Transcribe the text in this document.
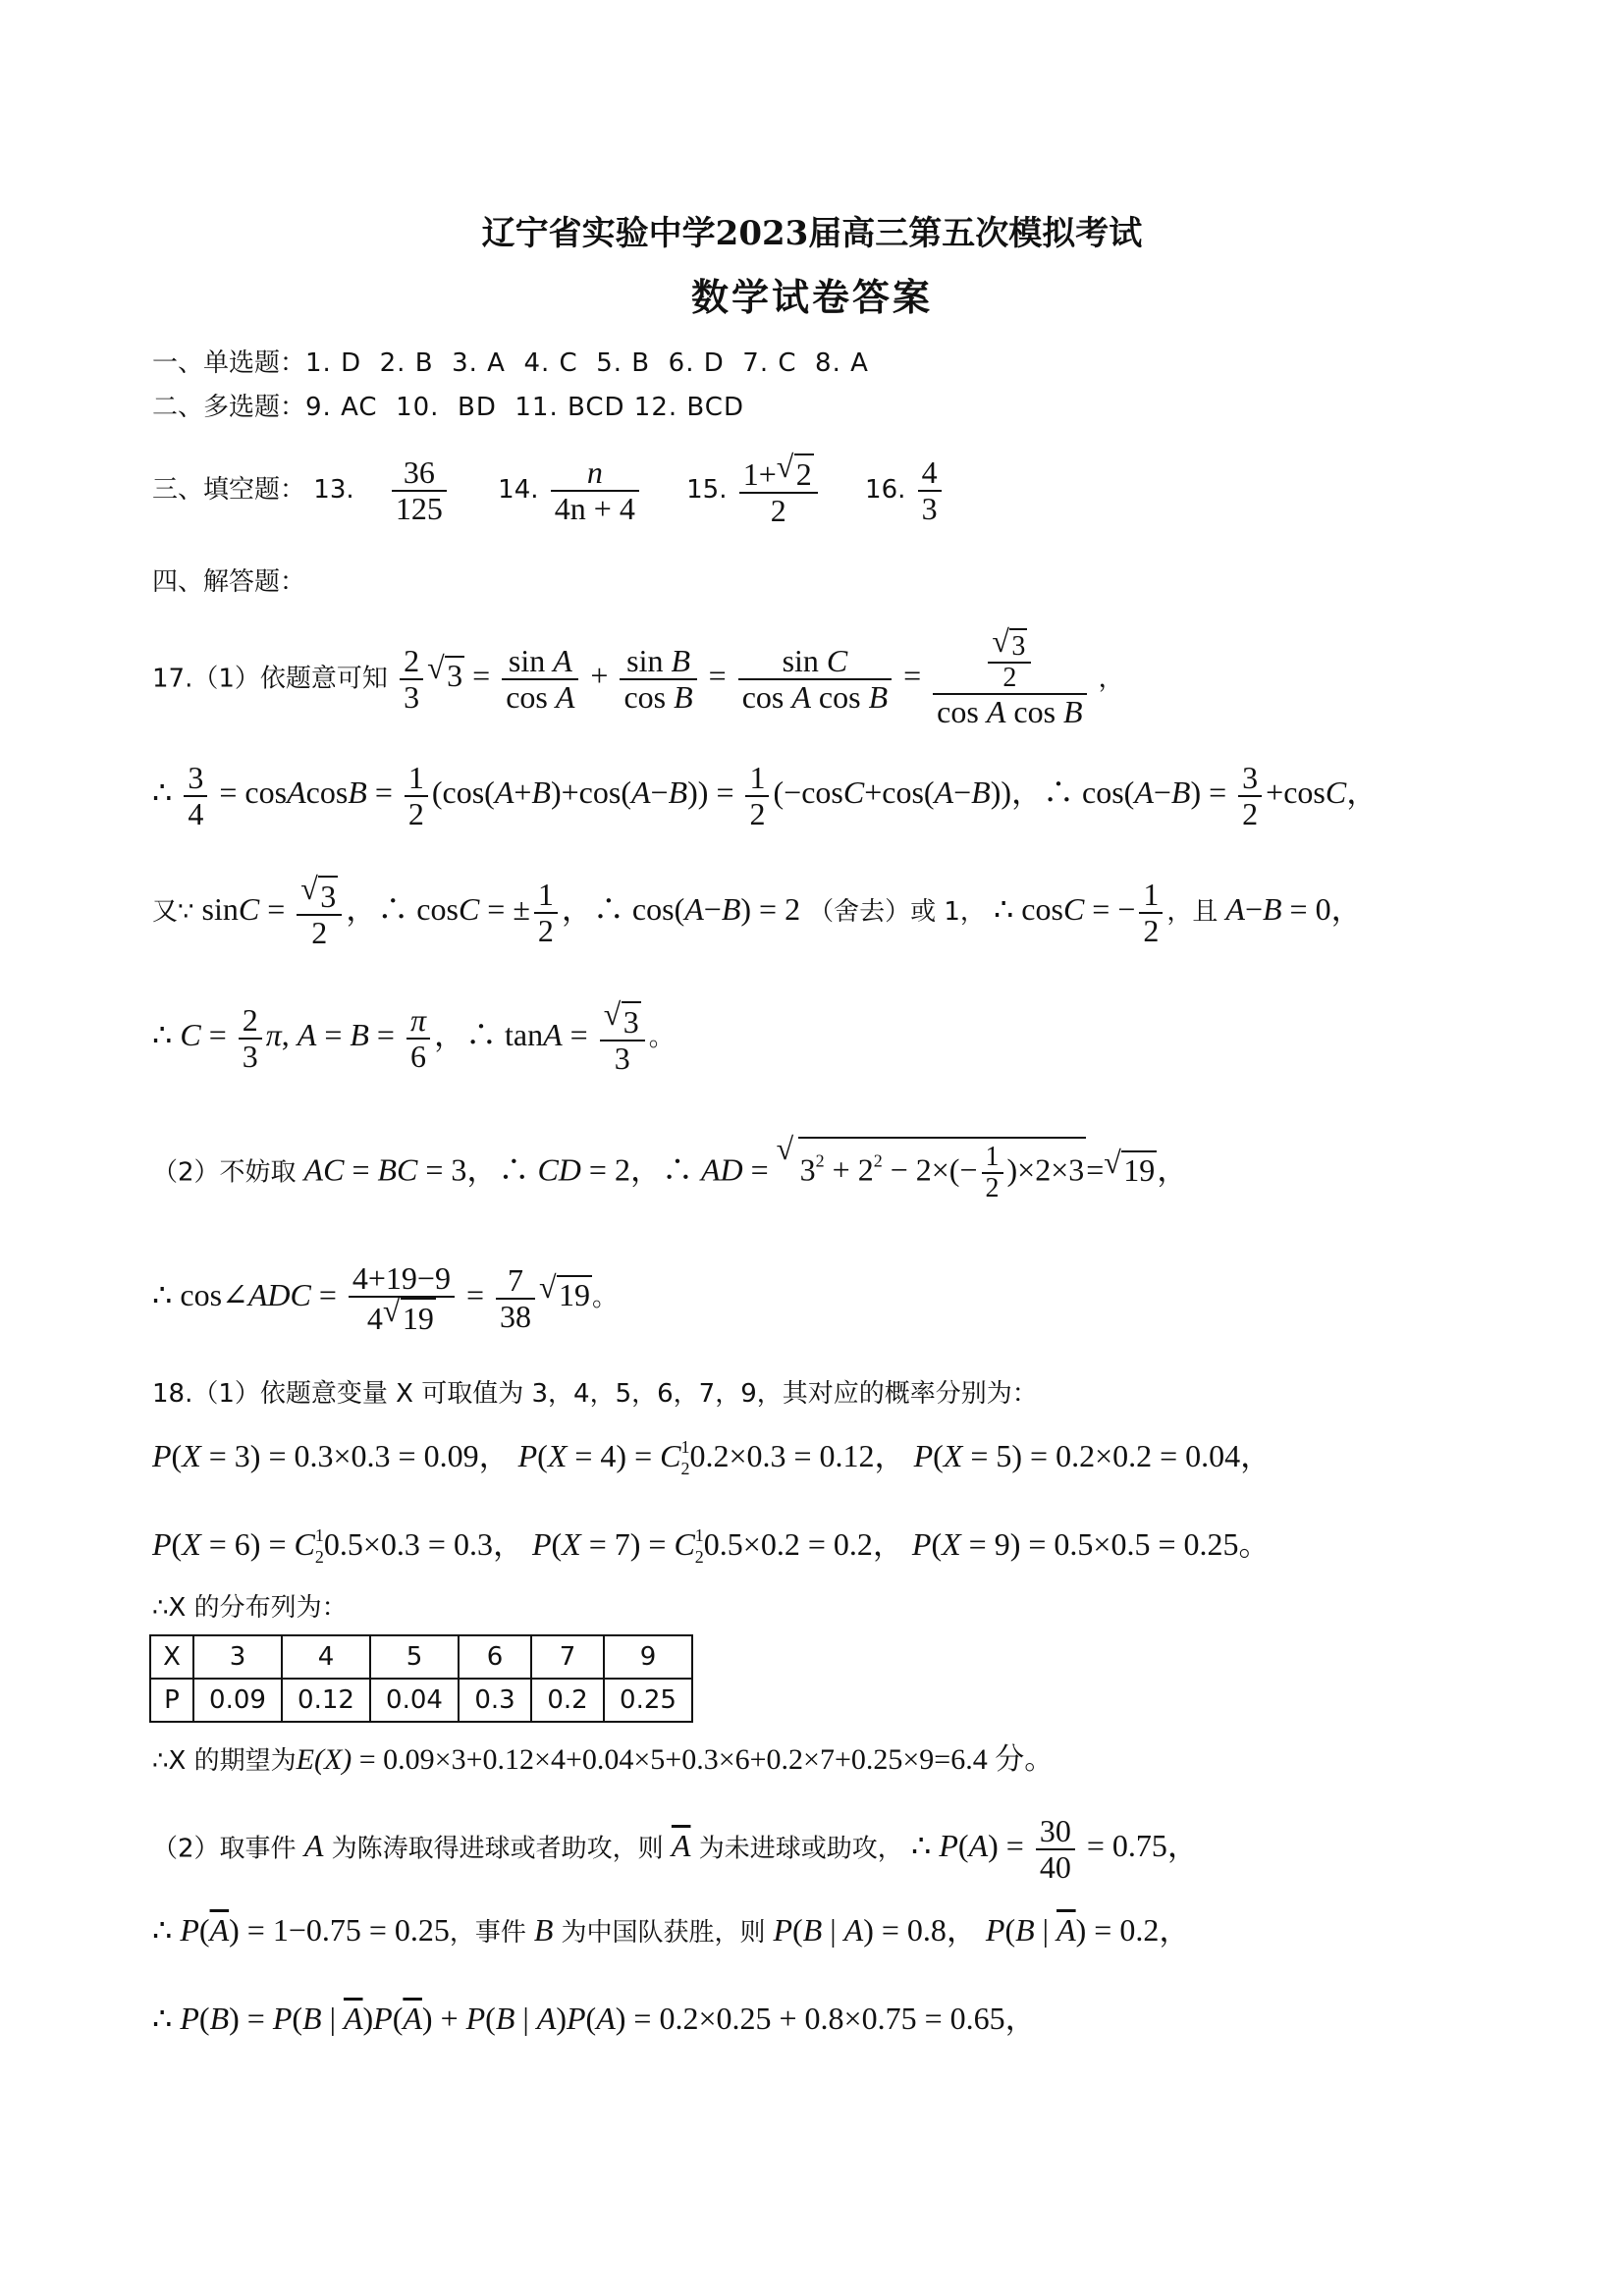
辽宁省实验中学2023届高三第五次模拟考试
数学试卷答案
一、单选题：1. D  2. B  3. A  4. C  5. B  6. D  7. C  8. A
二、多选题：9. AC  10.  BD  11. BCD 12. BCD
三、填空题： 13. $\frac{36}{125} 14$. $\frac{n}{4n + 4} 15$. $\frac{1+ √ 2}{2} 16$. $\frac{4}{3}$
四、解答题：
17.（1）依题意可知 $\frac{2}{3}$ √ $3 = \frac{\text{sin A}}{\text{cos A}} + \frac{\text{sin B}}{\text{cos B}} = \frac{\text{sin C}}{\text{cos A cos B}}$ = √ $\frac{\frac{3}{2}}{\text{cos A cos B}}$ ，
∴ $\frac{3}{4}$ = cosAcosB = $\frac{1}{2} (\cos(A+B)+\cos(A-B)) = \frac{1}{2} (-\cos C+\cos(A-B))$，∴ $\cos(A-B) = \frac{3}{2} +\cos C$，
又∵ sinC = √ $\frac{3}{2}$ ，∴ cosC = ± $\frac{1}{2}$ ，∴ cos(A−B) = 2 （舍去）或 1， ∴ cosC = − $\frac{1}{2}$ ，且 A−B = 0，
∴ $C = \frac{2}{3} \pi$, $A = B = \frac{\pi}{6}$ ，∴ tanA = √ $\frac{3}{3}$ 。
（2）不妨取 AC = BC = 3，∴ CD = 2，∴ AD = √ $3^2 + 2^2 - 2\times(- \frac{1}{2} )\times 2\times 3=$ √ 19，
∴ cos∠ADC = $\frac{4+19-9}{4 √ 19} = \frac{7}{38}$ √ 19。
18.（1）依题意变量 X 可取值为 3，4，5，6，7，9，其对应的概率分别为：
P(X = 3) = 0.3×0.3 = 0.09， $P(X = 4) = C_2^10.2\times 0.3 = 0.12$， P(X = 5) = 0.2×0.2 = 0.04，
$P(X = 6) = C_2^10.5\times 0.3 = 0.3$， $P(X = 7) = C_2^10.5\times 0.2 = 0.2$， P(X = 9) = 0.5×0.5 = 0.25。
∴X 的分布列为：
X	3	4	5	6	7	9
P	0.09	0.12	0.04	0.3	0.2	0.25
∴X 的期望为E(X) = 0.09×3+0.12×4+0.04×5+0.3×6+0.2×7+0.25×9=6.4 分。
（2）取事件 A 为陈涛取得进球或者助攻，则 $\overline{A}$ 为未进球或助攻， ∴ $P(A) = \frac{30}{40} = 0.75$，
∴ $P(\overline{A}) = 1-0.75 = 0.25$，事件 B 为中国队获胜，则 P(B | A) = 0.8， P(B | $\overline{A}) = 0.2$，
∴ P(B) = P(B | $\overline{A})P(\overline{A}) + P(B$ | A)P(A) = 0.2×0.25 + 0.8×0.75 = 0.65，
